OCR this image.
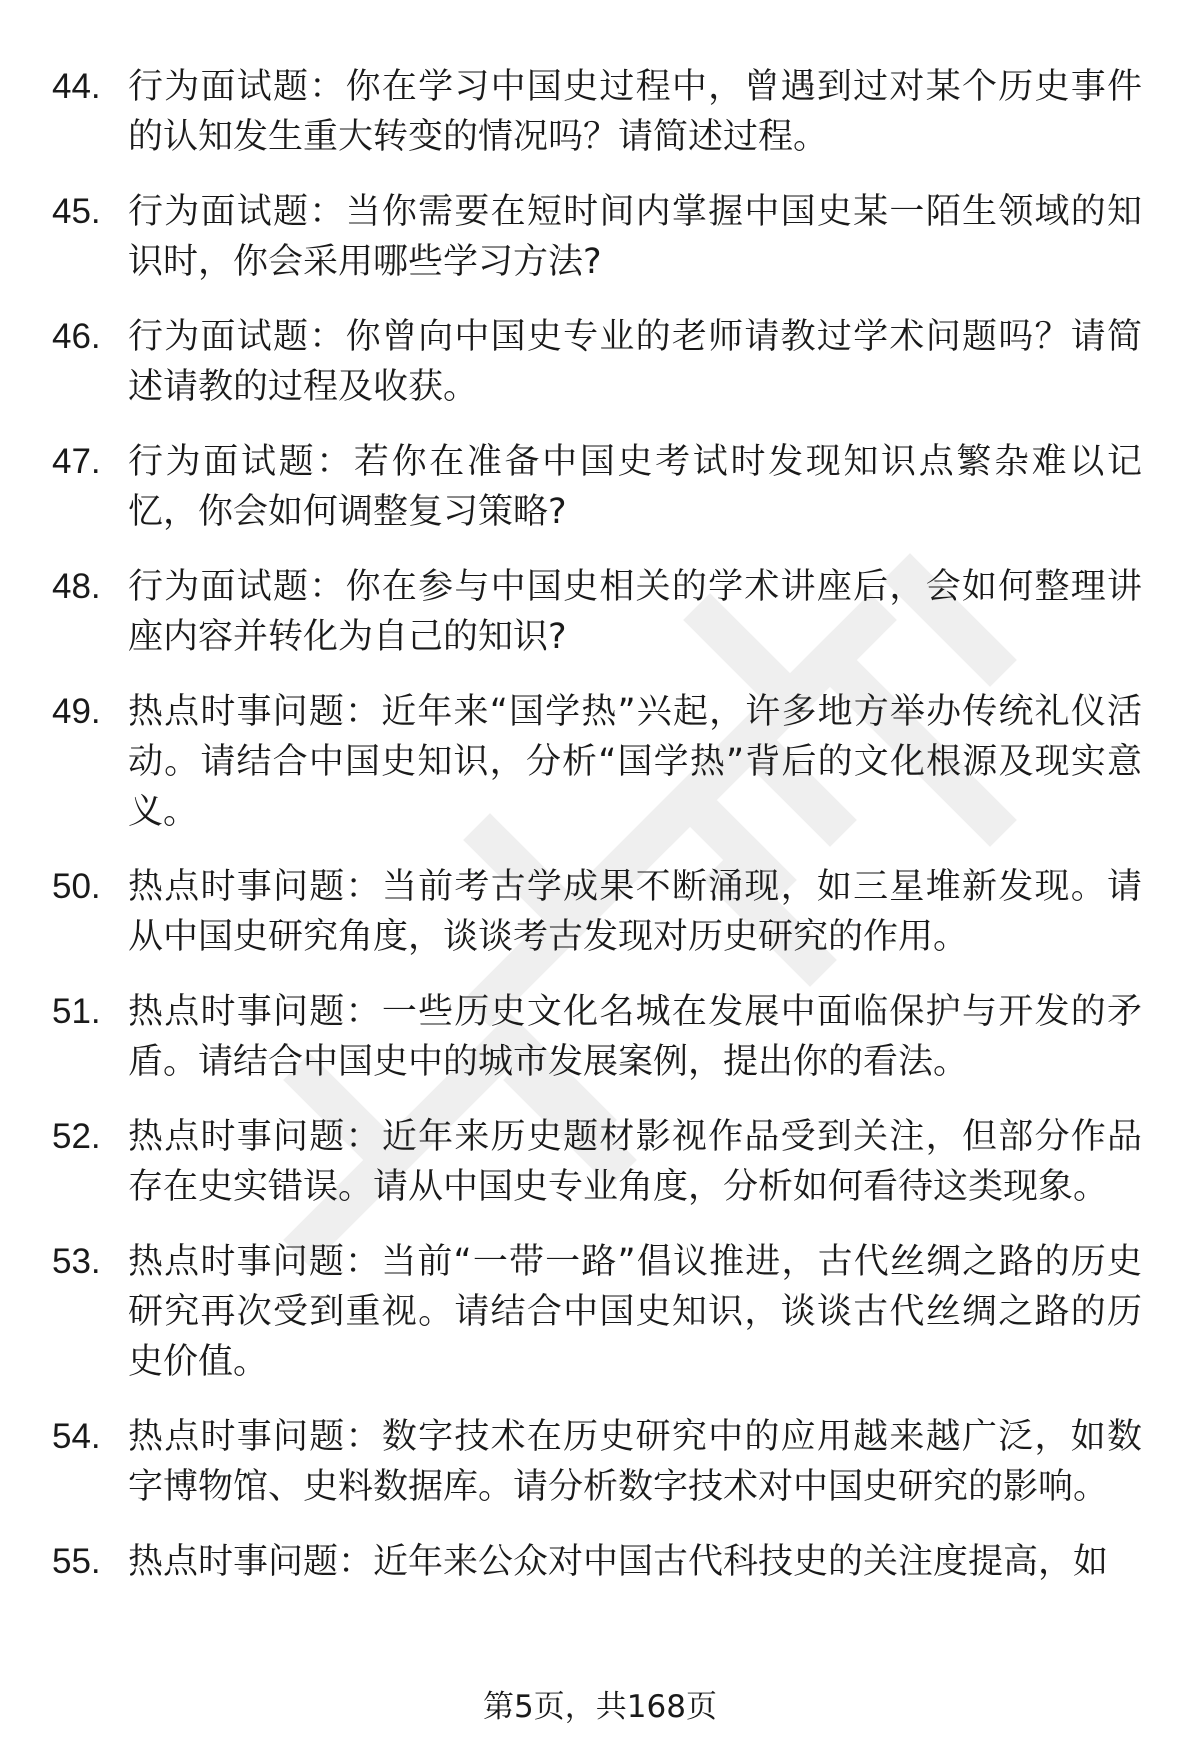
44. 行为面试题：你在学习中国史过程中，曾遇到过对某个历史事件的认知发生重大转变的情况吗？请简述过程。
45. 行为面试题：当你需要在短时间内掌握中国史某一陌生领域的知识时，你会采用哪些学习方法?
46. 行为面试题：你曾向中国史专业的老师请教过学术问题吗？请简述请教的过程及收获。
47. 行为面试题：若你在准备中国史考试时发现知识点繁杂难以记忆，你会如何调整复习策略?
48. 行为面试题：你在参与中国史相关的学术讲座后，会如何整理讲座内容并转化为自己的知识?
49. 热点时事问题：近年来“国学热”兴起，许多地方举办传统礼仪活动。请结合中国史知识，分析“国学热”背后的文化根源及现实意义。
50. 热点时事问题：当前考古学成果不断涌现，如三星堆新发现。请从中国史研究角度，谈谈考古发现对历史研究的作用。
51. 热点时事问题：一些历史文化名城在发展中面临保护与开发的矛盾。请结合中国史中的城市发展案例，提出你的看法。
52. 热点时事问题：近年来历史题材影视作品受到关注，但部分作品存在史实错误。请从中国史专业角度，分析如何看待这类现象。
53. 热点时事问题：当前“一带一路”倡议推进，古代丝绸之路的历史研究再次受到重视。请结合中国史知识，谈谈古代丝绸之路的历史价值。
54. 热点时事问题：数字技术在历史研究中的应用越来越广泛，如数字博物馆、史料数据库。请分析数字技术对中国史研究的影响。
55. 热点时事问题：近年来公众对中国古代科技史的关注度提高，如
第5页，共168页
